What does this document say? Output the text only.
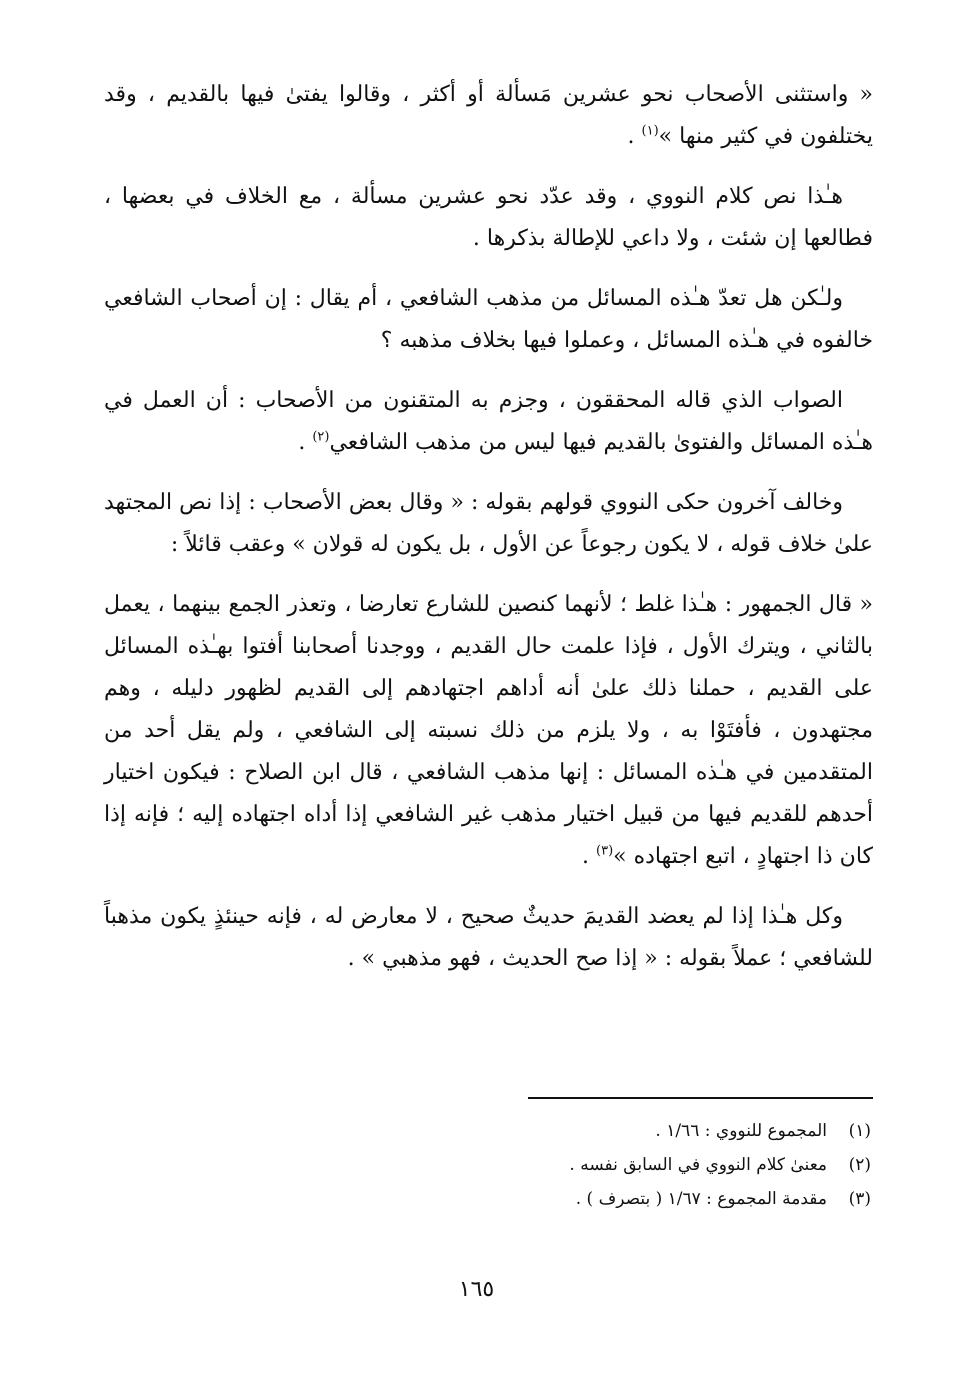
« واستثنى الأصحاب نحو عشرين مَسألة أو أكثر ، وقالوا يفتىٰ فيها بالقديم ، وقد يختلفون في كثير منها »$^{(١)}$ .

هـٰذا نص كلام النووي ، وقد عدّد نحو عشرين مسألة ، مع الخلاف في بعضها ، فطالعها إن شئت ، ولا داعي للإطالة بذكرها .

ولـٰكن هل تعدّ هـٰذه المسائل من مذهب الشافعي ، أم يقال : إن أصحاب الشافعي خالفوه في هـٰذه المسائل ، وعملوا فيها بخلاف مذهبه ؟

الصواب الذي قاله المحققون ، وجزم به المتقنون من الأصحاب : أن العمل في هـٰذه المسائل والفتوىٰ بالقديم فيها ليس من مذهب الشافعي$^{(٢)}$ .

وخالف آخرون حكى النووي قولهم بقوله : « وقال بعض الأصحاب : إذا نص المجتهد علىٰ خلاف قوله ، لا يكون رجوعاً عن الأول ، بل يكون له قولان » وعقب قائلاً :

« قال الجمهور : هـٰذا غلط ؛ لأنهما كنصين للشارع تعارضا ، وتعذر الجمع بينهما ، يعمل بالثاني ، ويترك الأول ، فإذا علمت حال القديم ، ووجدنا أصحابنا أفتوا بهـٰذه المسائل على القديم ، حملنا ذلك علىٰ أنه أداهم اجتهادهم إلى القديم لظهور دليله ، وهم مجتهدون ، فأفتَوْا به ، ولا يلزم من ذلك نسبته إلى الشافعي ، ولم يقل أحد من المتقدمين في هـٰذه المسائل : إنها مذهب الشافعي ، قال ابن الصلاح : فيكون اختيار أحدهم للقديم فيها من قبيل اختيار مذهب غير الشافعي إذا أداه اجتهاده إليه ؛ فإنه إذا كان ذا اجتهادٍ ، اتبع اجتهاده »$^{(٣)}$ .

وكل هـٰذا إذا لم يعضد القديمَ حديثٌ صحيح ، لا معارض له ، فإنه حينئذٍ يكون مذهباً للشافعي ؛ عملاً بقوله : « إذا صح الحديث ، فهو مذهبي » .

(١)
المجموع للنووي : ١/٦٦ .
(٢)
معنىٰ كلام النووي في السابق نفسه .
(٣)
مقدمة المجموع : ١/٦٧ ( بتصرف ) .
١٦٥
